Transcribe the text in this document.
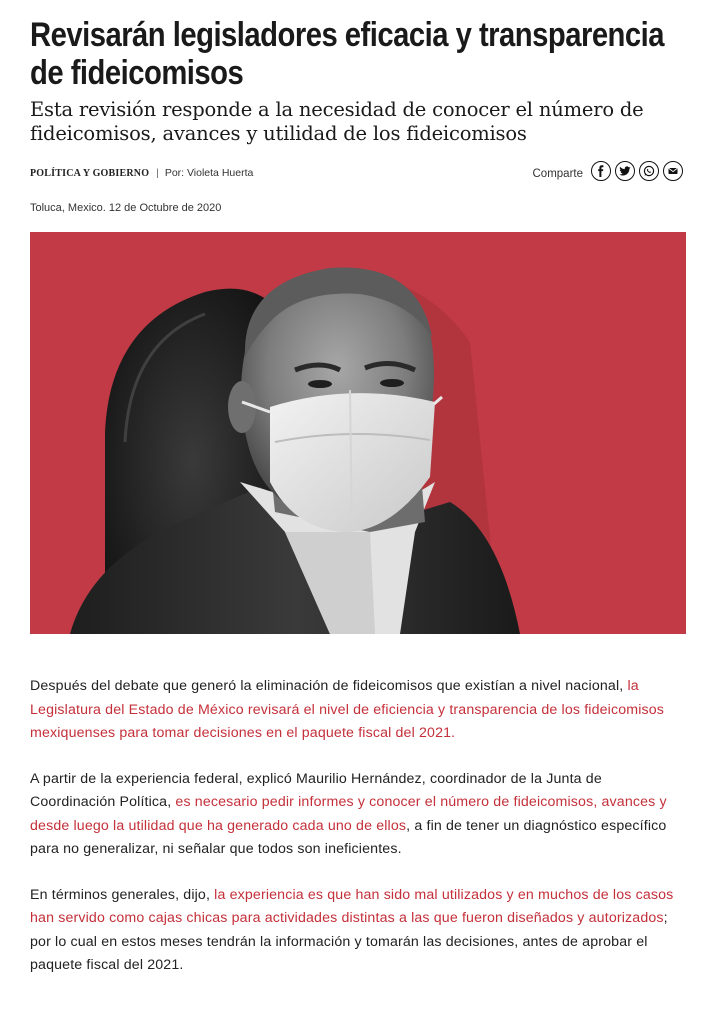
Revisarán legisladores eficacia y transparencia de fideicomisos
Esta revisión responde a la necesidad de conocer el número de fideicomisos, avances y utilidad de los fideicomisos
POLÍTICA Y GOBIERNO | Por: Violeta Huerta	Comparte
Toluca, Mexico. 12 de Octubre de 2020

Después del debate que generó la eliminación de fideicomisos que existían a nivel nacional, la Legislatura del Estado de México revisará el nivel de eficiencia y transparencia de los fideicomisos mexiquenses para tomar decisiones en el paquete fiscal del 2021.

A partir de la experiencia federal, explicó Maurilio Hernández, coordinador de la Junta de Coordinación Política, es necesario pedir informes y conocer el número de fideicomisos, avances y desde luego la utilidad que ha generado cada uno de ellos, a fin de tener un diagnóstico específico para no generalizar, ni señalar que todos son ineficientes.

En términos generales, dijo, la experiencia es que han sido mal utilizados y en muchos de los casos han servido como cajas chicas para actividades distintas a las que fueron diseñados y autorizados; por lo cual en estos meses tendrán la información y tomarán las decisiones, antes de aprobar el paquete fiscal del 2021.
